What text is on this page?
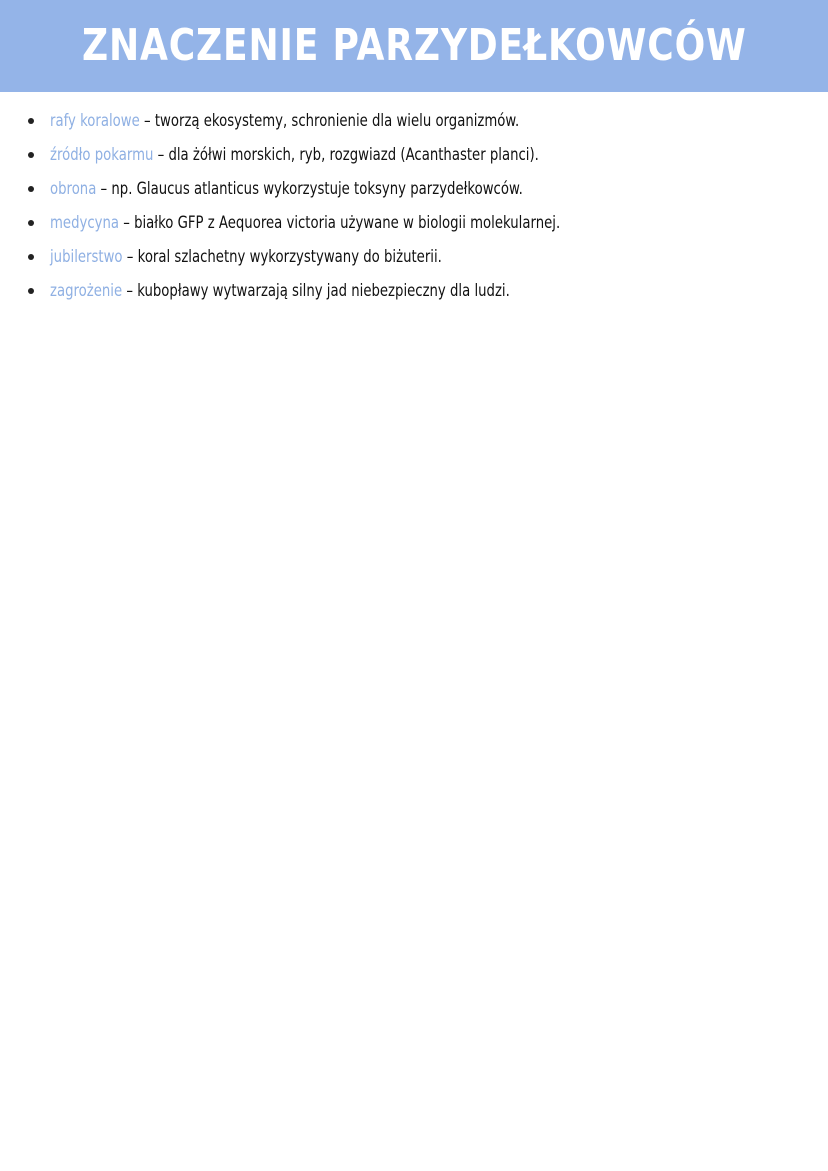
ZNACZENIE PARZYDEŁKOWCÓW
rafy koralowe – tworzą ekosystemy, schronienie dla wielu organizmów.
źródło pokarmu – dla żółwi morskich, ryb, rozgwiazd (Acanthaster planci).
obrona – np. Glaucus atlanticus wykorzystuje toksyny parzydełkowców.
medycyna – białko GFP z Aequorea victoria używane w biologii molekularnej.
jubilerstwo – koral szlachetny wykorzystywany do biżuterii.
zagrożenie – kubopławy wytwarzają silny jad niebezpieczny dla ludzi.
